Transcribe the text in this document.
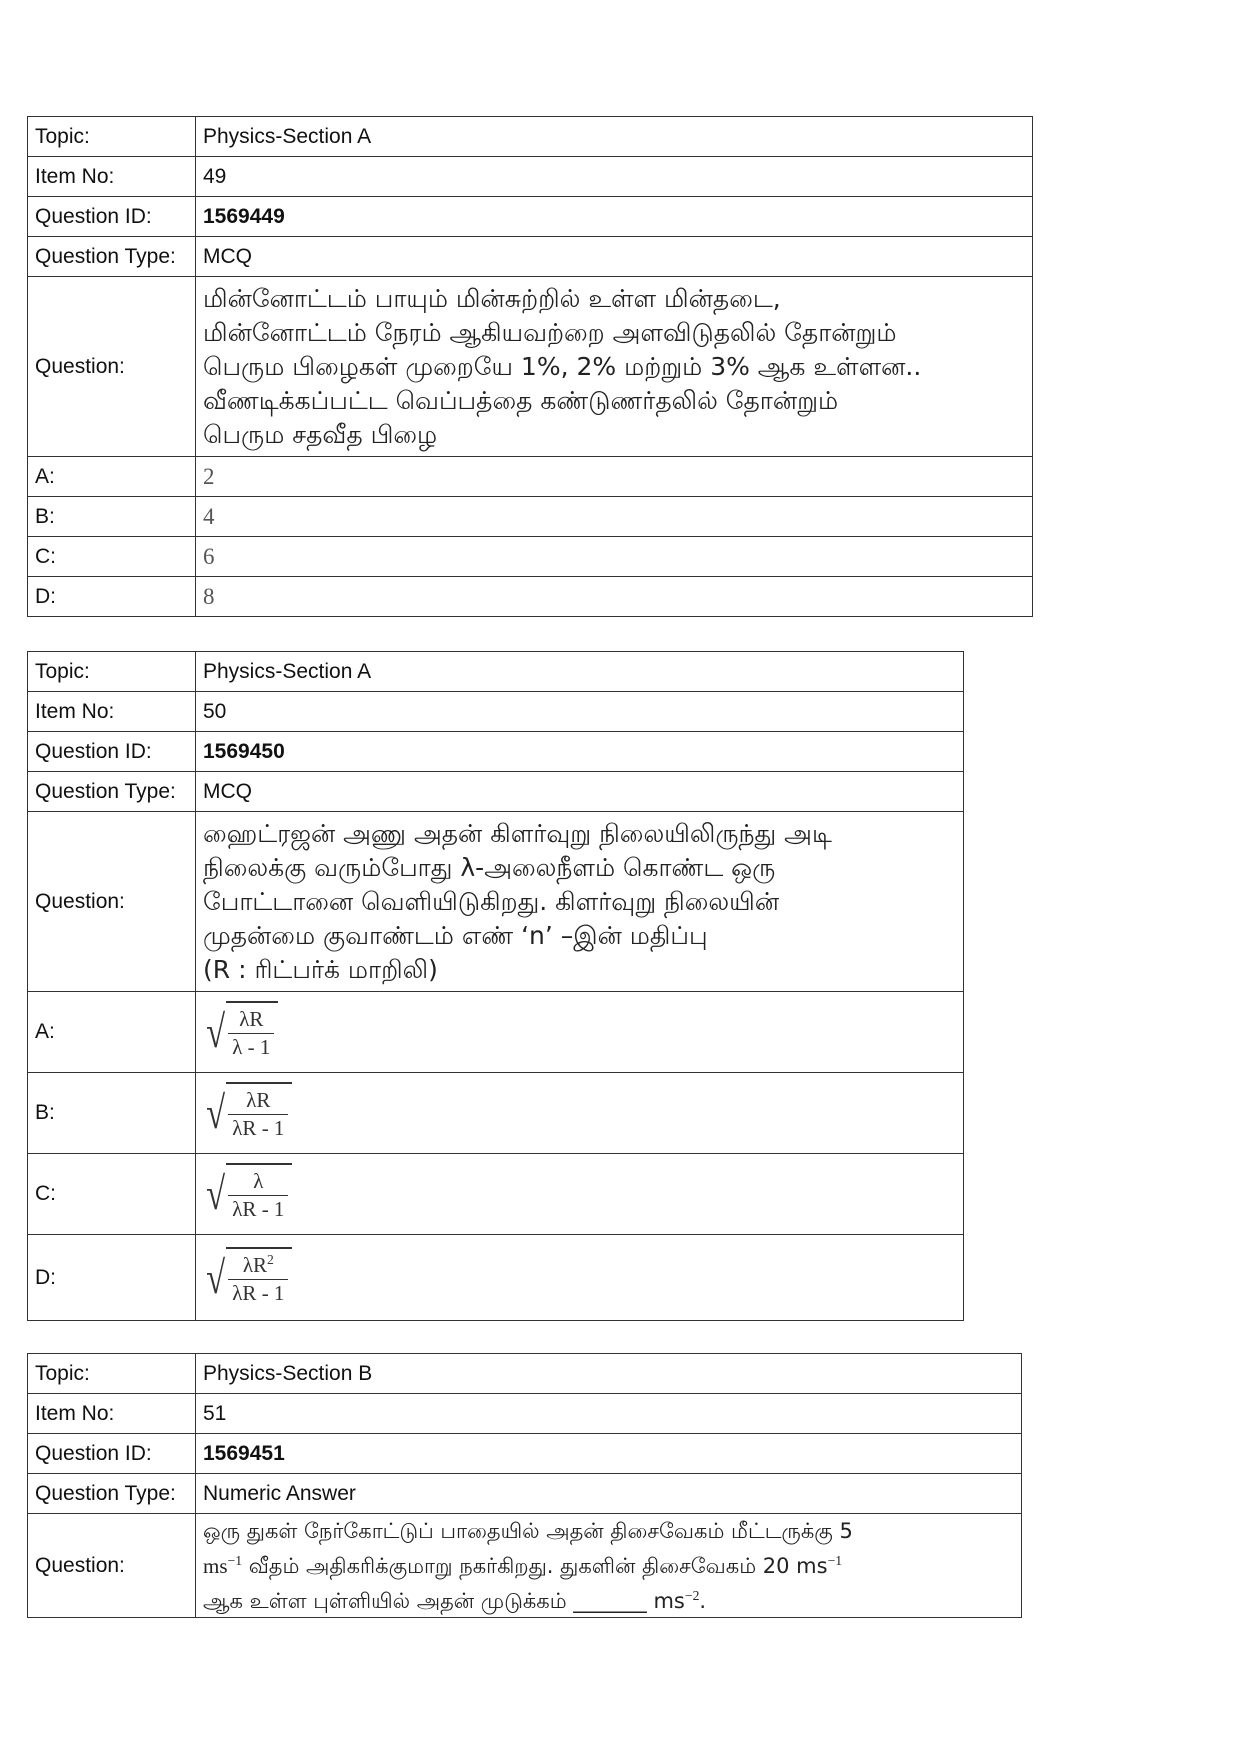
Topic:	Physics-Section A
Item No:	49
Question ID:	1569449
Question Type:	MCQ
Question:	மின்னோட்டம் பாயும் மின்சுற்றில் உள்ள மின்தடை,
மின்னோட்டம் நேரம் ஆகியவற்றை அளவிடுதலில் தோன்றும்
பெரும பிழைகள் முறையே 1%, 2% மற்றும் 3% ஆக உள்ளன..
வீணடிக்கப்பட்ட வெப்பத்தை கண்டுணர்தலில் தோன்றும்
பெரும சதவீத பிழை

A:	2
B:	4
C:	6
D:	8
Topic:	Physics-Section A
Item No:	50
Question ID:	1569450
Question Type:	MCQ
Question:	ஹைட்ரஜன் அணு அதன் கிளர்வுறு நிலையிலிருந்து அடி
நிலைக்கு வரும்போது λ-அலைநீளம் கொண்ட ஒரு
போட்டானை வெளியிடுகிறது. கிளர்வுறு நிலையின்
முதன்மை குவாண்டம் எண் ‘n’ –இன் மதிப்பு
(R : ரிட்பர்க் மாறிலி)

A:	√ $\frac{\lambda R}{\lambda - 1}$

B:	√ $\frac{\lambda R}{\lambda R - 1}$

C:	√ $\frac{\lambda}{\lambda R - 1}$

D:	√ $\frac{\lambda R^2}{\lambda R - 1}$
Topic:	Physics-Section B
Item No:	51
Question ID:	1569451
Question Type:	Numeric Answer
Question:	ஒரு துகள் நேர்கோட்டுப் பாதையில் அதன் திசைவேகம் மீட்டருக்கு 5
$ms^{-1}$ வீதம் அதிகரிக்குமாறு நகர்கிறது. துகளின் திசைவேகம் 20 $ms^{-1}$
ஆக உள்ள புள்ளியில் அதன் முடுக்கம் _______ $ms^{-2}$.
